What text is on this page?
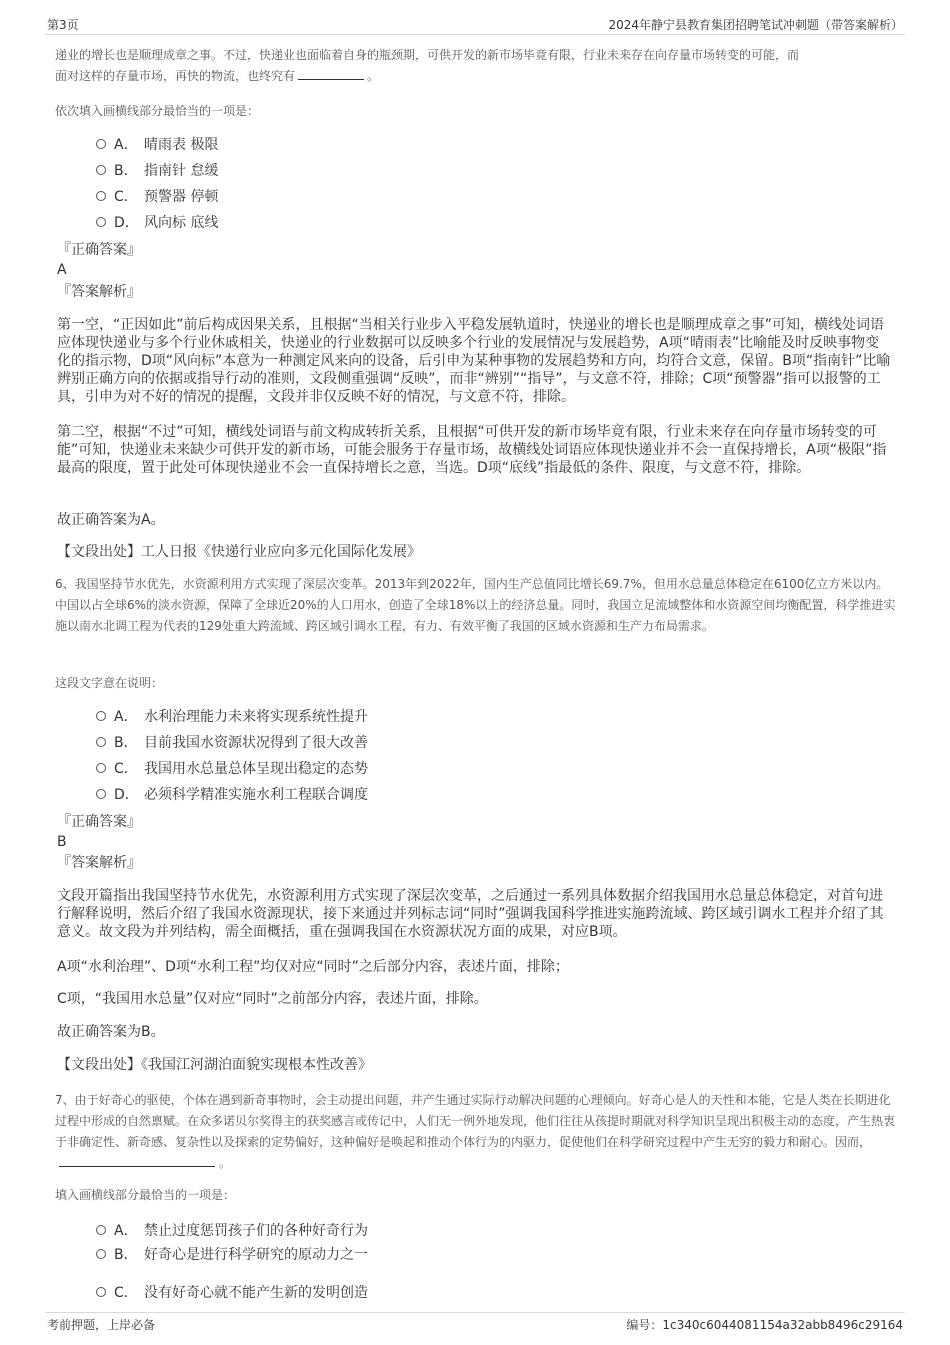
第3页	2024年静宁县教育集团招聘笔试冲刺题（带答案解析）
递业的增长也是顺理成章之事。不过，快递业也面临着自身的瓶颈期，可供开发的新市场毕竟有限，行业未来存在向存量市场转变的可能，而
面对这样的存量市场，再快的物流，也终究有	。
依次填入画横线部分最恰当的一项是：
A． 晴雨表 极限
B． 指南针 怠缓
C． 预警器 停顿
D． 风向标 底线
『正确答案』
A
『答案解析』
第一空，“正因如此”前后构成因果关系，且根据“当相关行业步入平稳发展轨道时，快递业的增长也是顺理成章之事”可知，横线处词语应体现快递业与多个行业休戚相关，快递业的行业数据可以反映多个行业的发展情况与发展趋势，A项“晴雨表”比喻能及时反映事物变化的指示物，D项“风向标”本意为一种测定风来向的设备，后引申为某种事物的发展趋势和方向，均符合文意，保留。B项“指南针”比喻辨别正确方向的依据或指导行动的准则，文段侧重强调“反映”，而非“辨别”“指导”，与文意不符，排除；C项“预警器”指可以报警的工具，引申为对不好的情况的提醒，文段并非仅反映不好的情况，与文意不符，排除。
第二空，根据“不过”可知，横线处词语与前文构成转折关系，且根据“可供开发的新市场毕竟有限，行业未来存在向存量市场转变的可能”可知，快递业未来缺少可供开发的新市场，可能会服务于存量市场，故横线处词语应体现快递业并不会一直保持增长，A项“极限”指最高的限度，置于此处可体现快递业不会一直保持增长之意，当选。D项“底线”指最低的条件、限度，与文意不符，排除。
故正确答案为A。
【文段出处】工人日报《快递行业应向多元化国际化发展》
6、我国坚持节水优先，水资源利用方式实现了深层次变革。2013年到2022年，国内生产总值同比增长69.7%，但用水总量总体稳定在6100亿立方米以内。中国以占全球6%的淡水资源，保障了全球近20%的人口用水，创造了全球18%以上的经济总量。同时，我国立足流域整体和水资源空间均衡配置，科学推进实施以南水北调工程为代表的129处重大跨流域、跨区域引调水工程，有力、有效平衡了我国的区域水资源和生产力布局需求。
这段文字意在说明：
A． 水利治理能力未来将实现系统性提升
B． 目前我国水资源状况得到了很大改善
C． 我国用水总量总体呈现出稳定的态势
D． 必须科学精准实施水利工程联合调度
『正确答案』
B
『答案解析』
文段开篇指出我国坚持节水优先，水资源利用方式实现了深层次变革，之后通过一系列具体数据介绍我国用水总量总体稳定，对首句进行解释说明，然后介绍了我国水资源现状，接下来通过并列标志词“同时”强调我国科学推进实施跨流域、跨区域引调水工程并介绍了其意义。故文段为并列结构，需全面概括，重在强调我国在水资源状况方面的成果，对应B项。
A项“水利治理”、D项“水利工程”均仅对应“同时”之后部分内容，表述片面，排除；
C项，“我国用水总量”仅对应“同时”之前部分内容，表述片面，排除。
故正确答案为B。
【文段出处】《我国江河湖泊面貌实现根本性改善》
7、由于好奇心的驱使，个体在遇到新奇事物时，会主动提出问题，并产生通过实际行动解决问题的心理倾向。好奇心是人的天性和本能，它是人类在长期进化过程中形成的自然禀赋。在众多诺贝尔奖得主的获奖感言或传记中，人们无一例外地发现，他们往往从孩提时期就对科学知识呈现出积极主动的态度，产生热衷于非确定性、新奇感、复杂性以及探索的定势偏好，这种偏好是唤起和推动个体行为的内驱力，促使他们在科学研究过程中产生无穷的毅力和耐心。因而，。
填入画横线部分最恰当的一项是：
A． 禁止过度惩罚孩子们的各种好奇行为
B． 好奇心是进行科学研究的原动力之一
C． 没有好奇心就不能产生新的发明创造
考前押题，上岸必备	编号：1c340c6044081154a32abb8496c29164
